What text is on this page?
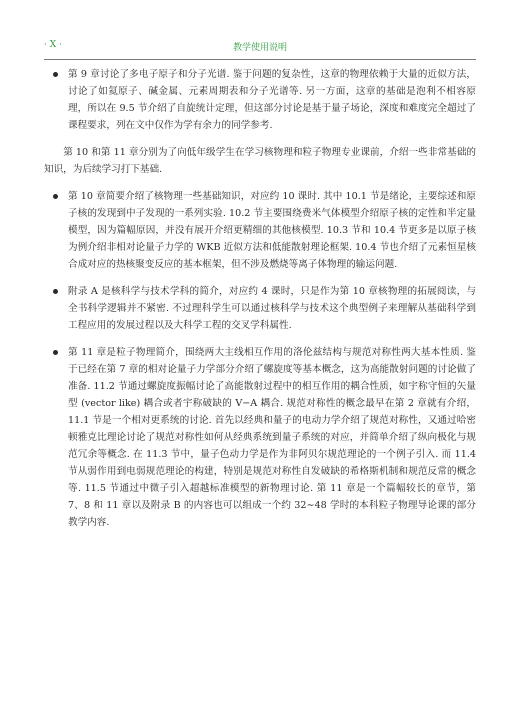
· X ·	教学使用说明
第 9 章讨论了多电子原子和分子光谱. 鉴于问题的复杂性，这章的物理依赖于大量的近似方法，讨论了如氦原子、碱金属、元素周期表和分子光谱等. 另一方面，这章的基础是泡利不相容原理，所以在 9.5 节介绍了自旋统计定理，但这部分讨论是基于量子场论，深度和难度完全超过了课程要求，列在文中仅作为学有余力的同学参考.

第 10 和第 11 章分别为了向低年级学生在学习核物理和粒子物理专业课前，介绍一些非常基础的知识，为后续学习打下基础.

第 10 章简要介绍了核物理一些基础知识，对应约 10 课时. 其中 10.1 节是绪论，主要综述和原子核的发现到中子发现的一系列实验. 10.2 节主要围绕费米气体模型介绍原子核的定性和半定量模型，因为篇幅原因，并没有展开介绍更精细的其他核模型. 10.3 节和 10.4 节更多是以原子核为例介绍非相对论量子力学的 WKB 近似方法和低能散射理论框架. 10.4 节也介绍了元素恒星核合成对应的热核聚变反应的基本框架，但不涉及燃烧等离子体物理的输运问题.
附录 A 是核科学与技术学科的简介，对应约 4 课时，只是作为第 10 章核物理的拓展阅读，与全书科学逻辑并不紧密. 不过理科学生可以通过核科学与技术这个典型例子来理解从基础科学到工程应用的发展过程以及大科学工程的交叉学科属性.
第 11 章是粒子物理简介，围绕两大主线相互作用的洛伦兹结构与规范对称性两大基本性质. 鉴于已经在第 7 章的相对论量子力学部分介绍了螺旋度等基本概念，这为高能散射问题的讨论做了准备. 11.2 节通过螺旋度振幅讨论了高能散射过程中的相互作用的耦合性质，如宇称守恒的矢量型 (vector like) 耦合或者宇称破缺的 V−A 耦合. 规范对称性的概念最早在第 2 章就有介绍，11.1 节是一个相对更系统的讨论. 首先以经典和量子的电动力学介绍了规范对称性，又通过哈密顿雅克比理论讨论了规范对称性如何从经典系统到量子系统的对应，并简单介绍了纵向极化与规范冗余等概念. 在 11.3 节中，量子色动力学是作为非阿贝尔规范理论的一个例子引入. 而 11.4 节从弱作用到电弱规范理论的构建，特别是规范对称性自发破缺的希格斯机制和规范反常的概念等. 11.5 节通过中微子引入超越标准模型的新物理讨论. 第 11 章是一个篇幅较长的章节，第 7、8 和 11 章以及附录 B 的内容也可以组成一个约 32∼48 学时的本科粒子物理导论课的部分教学内容.
